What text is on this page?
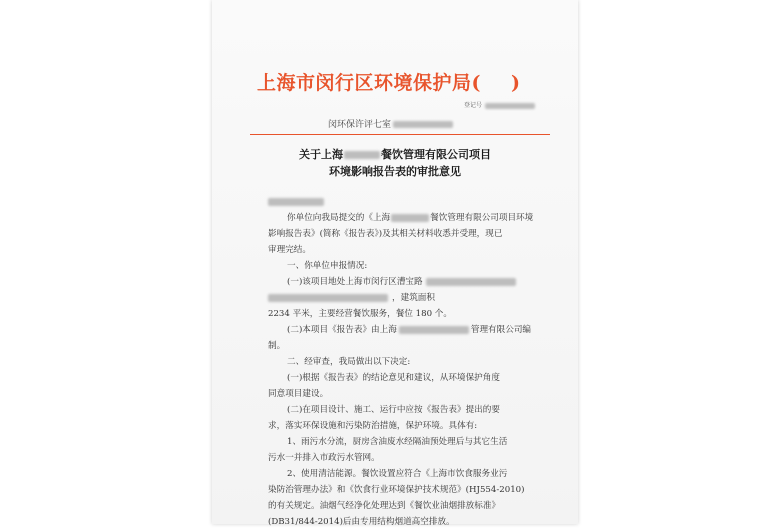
上海市闵行区环境保护局( )
登记号
闵环保许评七室
关于上海	餐饮管理有限公司项目
环境影响报告表的审批意见
你单位向我局提交的《上海	餐饮管理有限公司项目环境
影响报告表》(简称《报告表》)及其相关材料收悉并受理，现已
审理完结。
一、你单位申报情况:
(一)该项目地处上海市闵行区漕宝路
，建筑面积
2234 平米，主要经营餐饮服务，餐位 180 个。
(二)本项目《报告表》由上海	管理有限公司编
制。
二、经审查，我局做出以下决定:
(一)根据《报告表》的结论意见和建议，从环境保护角度
同意项目建设。
(二)在项目设计、施工、运行中应按《报告表》提出的要
求，落实环保设施和污染防治措施，保护环境。具体有:
1、雨污水分流，厨房含油废水经隔油预处理后与其它生活
污水一并排入市政污水管网。
2、使用清洁能源。餐饮设置应符合《上海市饮食服务业污
染防治管理办法》和《饮食行业环境保护技术规范》(HJ554-2010)
的有关规定。油烟气经净化处理达到《餐饮业油烟排放标准》
(DB31/844-2014)后由专用结构烟道高空排放。
